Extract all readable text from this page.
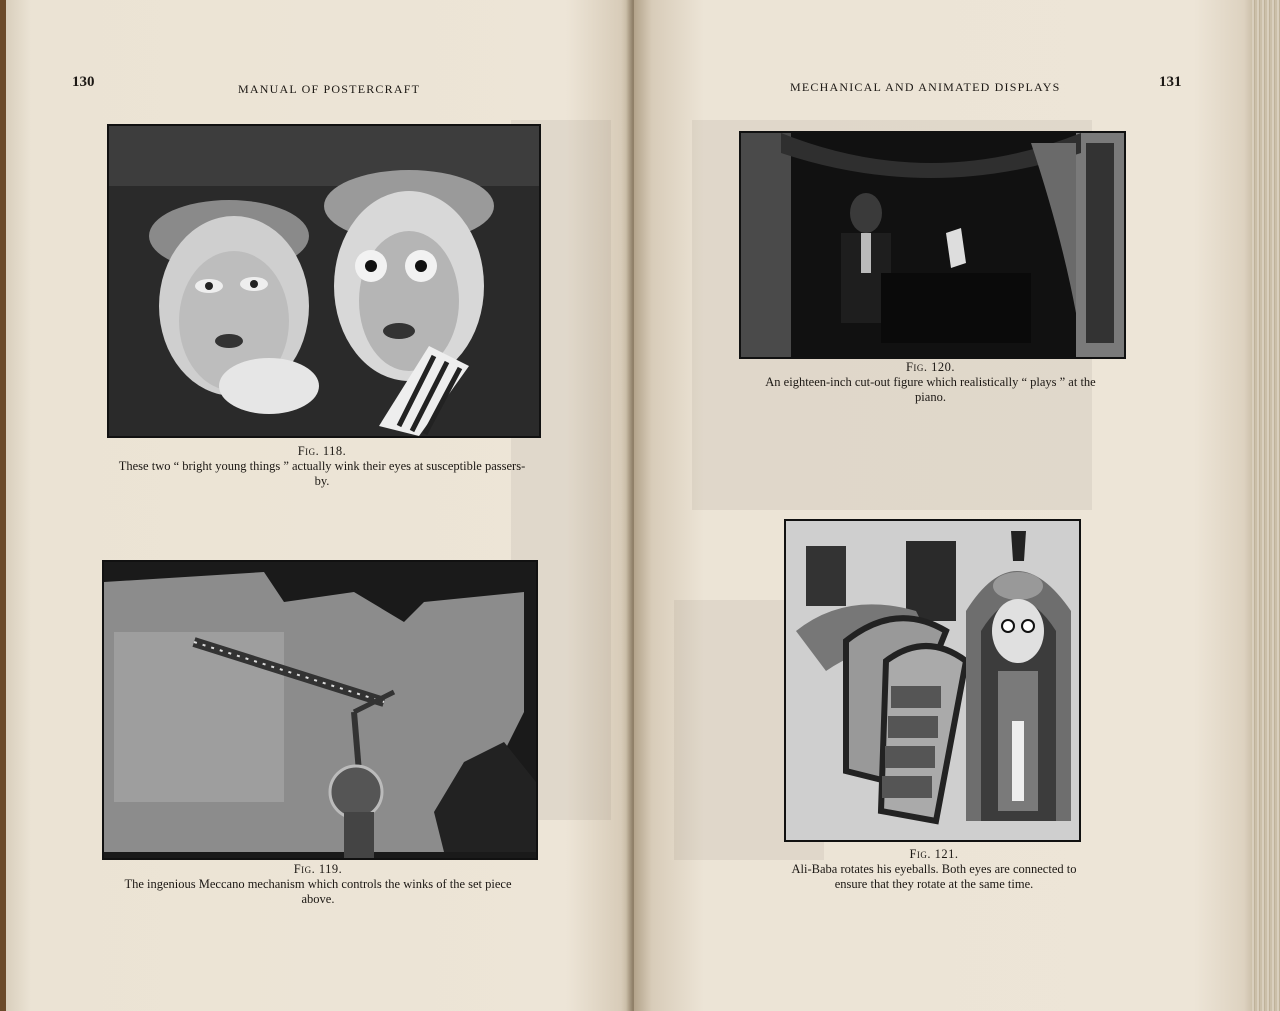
130	MANUAL OF POSTERCRAFT
Fig. 118.
These two “ bright young things ” actually wink their eyes at susceptible passers-by.
Fig. 119.
The ingenious Meccano mechanism which controls the winks of the set piece above.
MECHANICAL AND ANIMATED DISPLAYS	131
Fig. 120.
An eighteen-inch cut-out figure which realistically “ plays ” at the piano.
Fig. 121.
Ali-Baba rotates his eyeballs. Both eyes are connected to ensure that they rotate at the same time.
